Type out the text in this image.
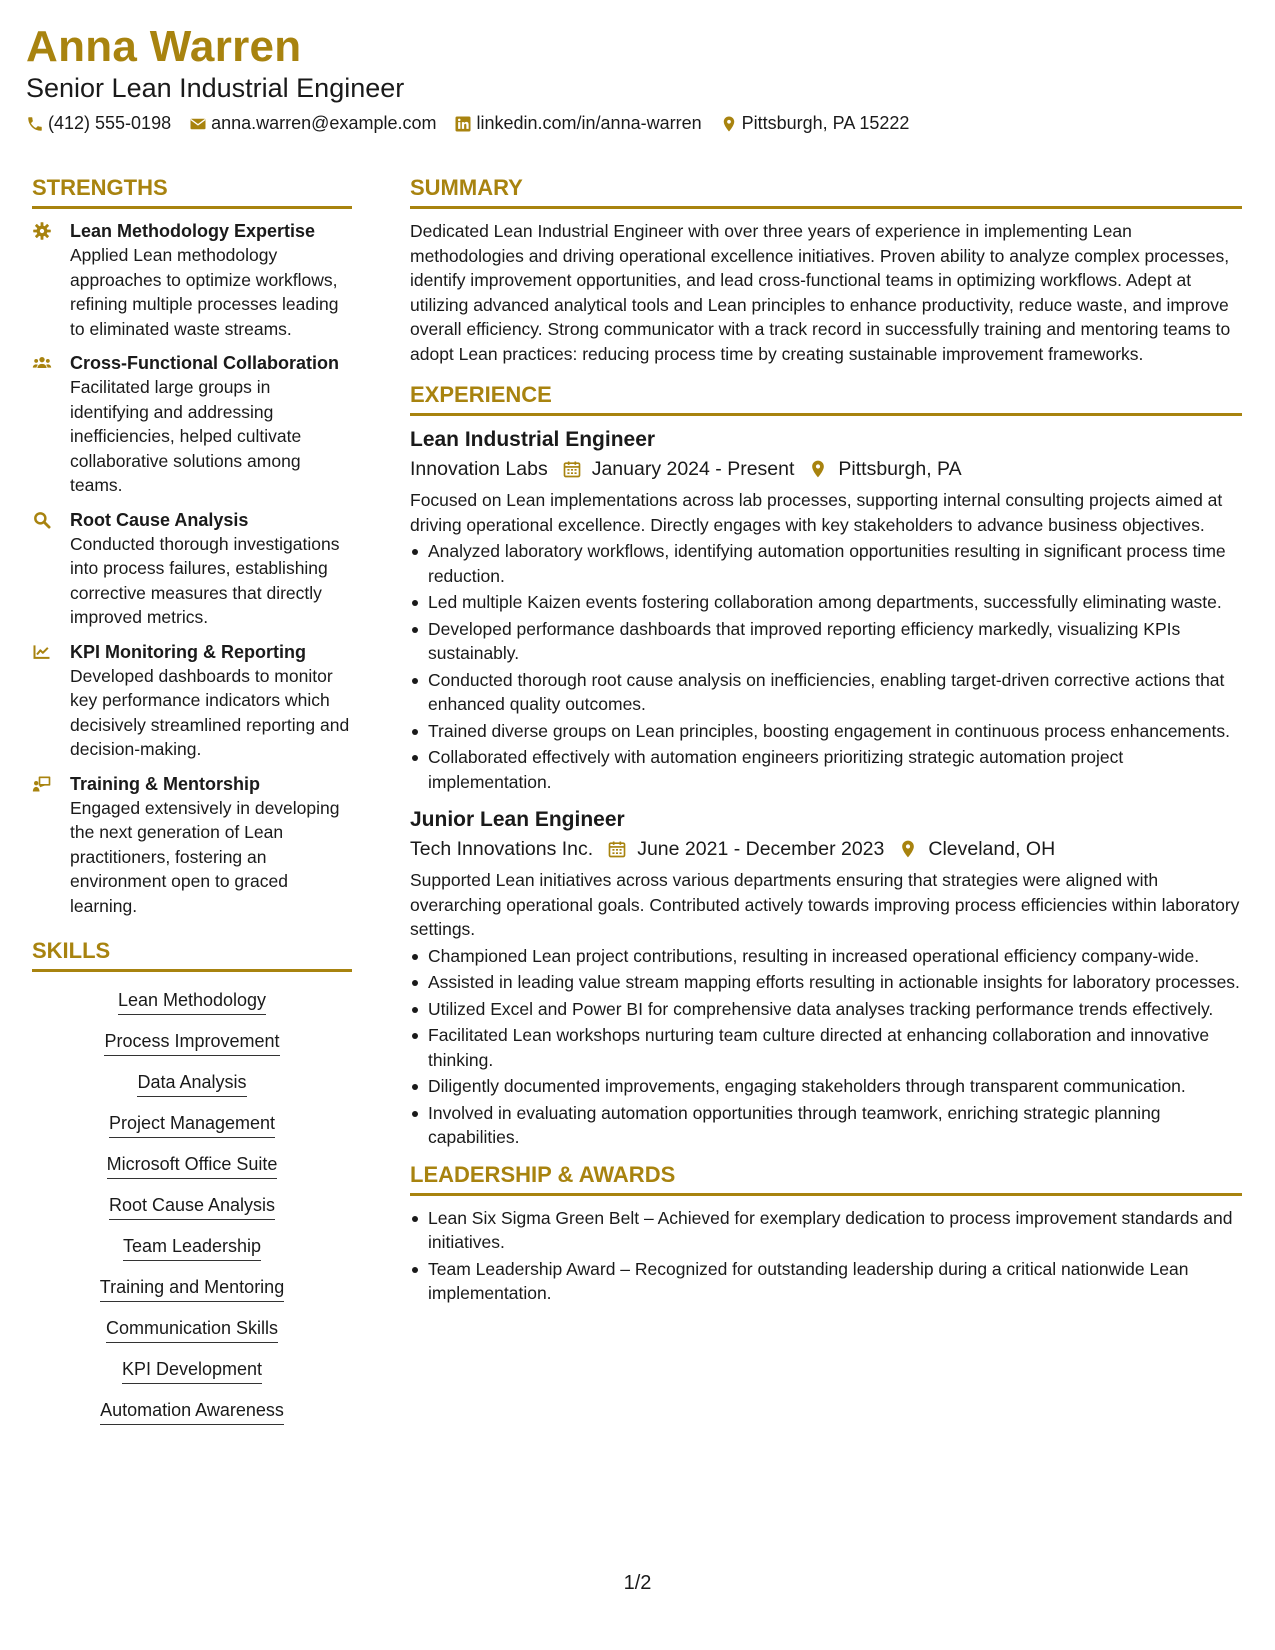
Anna Warren
Senior Lean Industrial Engineer
(412) 555-0198 anna.warren@example.com linkedin.com/in/anna-warren Pittsburgh, PA 15222
STRENGTHS
Lean Methodology Expertise
Applied Lean methodology approaches to optimize workflows, refining multiple processes leading to eliminated waste streams.
Cross-Functional Collaboration
Facilitated large groups in identifying and addressing inefficiencies, helped cultivate collaborative solutions among teams.
Root Cause Analysis
Conducted thorough investigations into process failures, establishing corrective measures that directly improved metrics.
KPI Monitoring & Reporting
Developed dashboards to monitor key performance indicators which decisively streamlined reporting and decision-making.
Training & Mentorship
Engaged extensively in developing the next generation of Lean practitioners, fostering an environment open to graced learning.
SKILLS
Lean Methodology
Process Improvement
Data Analysis
Project Management
Microsoft Office Suite
Root Cause Analysis
Team Leadership
Training and Mentoring
Communication Skills
KPI Development
Automation Awareness
SUMMARY
Dedicated Lean Industrial Engineer with over three years of experience in implementing Lean methodologies and driving operational excellence initiatives. Proven ability to analyze complex processes, identify improvement opportunities, and lead cross-functional teams in optimizing workflows. Adept at utilizing advanced analytical tools and Lean principles to enhance productivity, reduce waste, and improve overall efficiency. Strong communicator with a track record in successfully training and mentoring teams to adopt Lean practices: reducing process time by creating sustainable improvement frameworks.
EXPERIENCE
Lean Industrial Engineer
Innovation Labs January 2024 - Present Pittsburgh, PA
Focused on Lean implementations across lab processes, supporting internal consulting projects aimed at driving operational excellence. Directly engages with key stakeholders to advance business objectives.
Analyzed laboratory workflows, identifying automation opportunities resulting in significant process time reduction.
Led multiple Kaizen events fostering collaboration among departments, successfully eliminating waste.
Developed performance dashboards that improved reporting efficiency markedly, visualizing KPIs sustainably.
Conducted thorough root cause analysis on inefficiencies, enabling target-driven corrective actions that enhanced quality outcomes.
Trained diverse groups on Lean principles, boosting engagement in continuous process enhancements.
Collaborated effectively with automation engineers prioritizing strategic automation project implementation.
Junior Lean Engineer
Tech Innovations Inc. June 2021 - December 2023 Cleveland, OH
Supported Lean initiatives across various departments ensuring that strategies were aligned with overarching operational goals. Contributed actively towards improving process efficiencies within laboratory settings.
Championed Lean project contributions, resulting in increased operational efficiency company-wide.
Assisted in leading value stream mapping efforts resulting in actionable insights for laboratory processes.
Utilized Excel and Power BI for comprehensive data analyses tracking performance trends effectively.
Facilitated Lean workshops nurturing team culture directed at enhancing collaboration and innovative thinking.
Diligently documented improvements, engaging stakeholders through transparent communication.
Involved in evaluating automation opportunities through teamwork, enriching strategic planning capabilities.
LEADERSHIP & AWARDS
Lean Six Sigma Green Belt – Achieved for exemplary dedication to process improvement standards and initiatives.
Team Leadership Award – Recognized for outstanding leadership during a critical nationwide Lean implementation.
1/2
